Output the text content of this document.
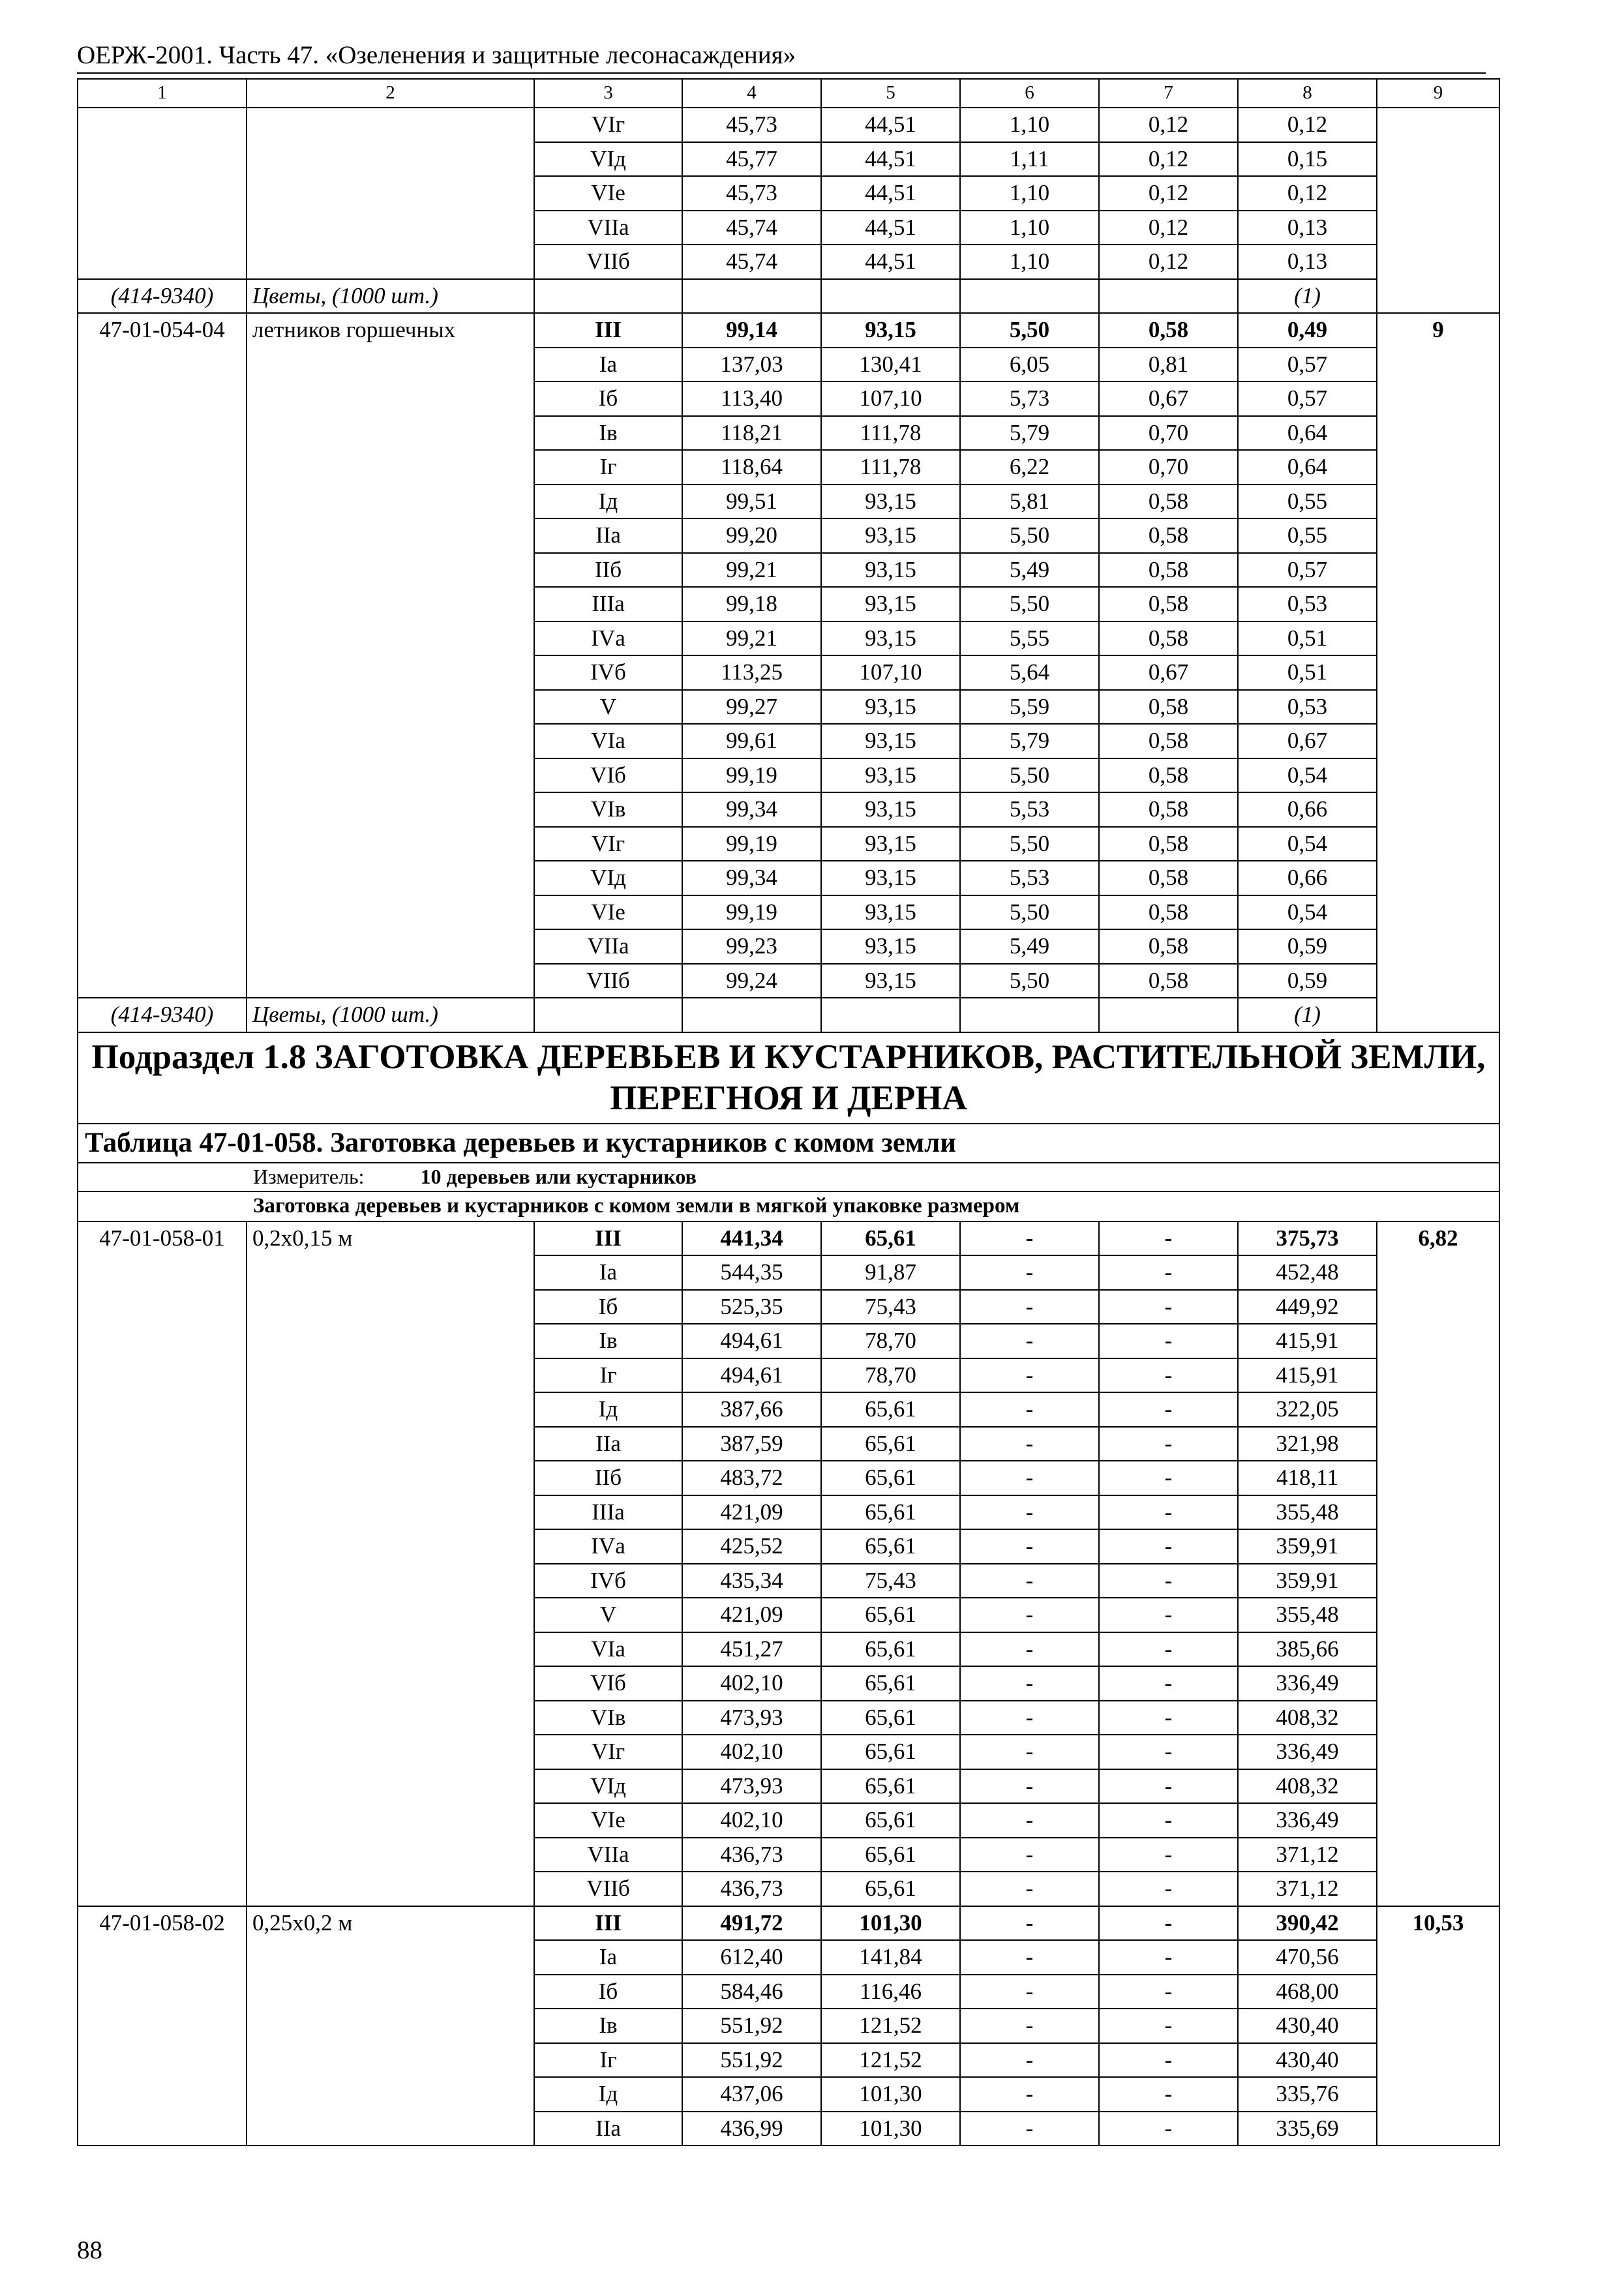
ОЕРЖ-2001. Часть 47. «Озеленения и защитные лесонасаждения»
1	2	3	4	5	6	7	8	9
		VIг	45,73	44,51	1,10	0,12	0,12	
		VIд	45,77	44,51	1,11	0,12	0,15	
		VIе	45,73	44,51	1,10	0,12	0,12	
		VIIа	45,74	44,51	1,10	0,12	0,13	
		VIIб	45,74	44,51	1,10	0,12	0,13	
(414-9340)	Цветы, (1000 шт.)						(1)	
47-01-054-04	летников горшечных	III	99,14	93,15	5,50	0,58	0,49	9
		Iа	137,03	130,41	6,05	0,81	0,57	
		Iб	113,40	107,10	5,73	0,67	0,57	
		Iв	118,21	111,78	5,79	0,70	0,64	
		Iг	118,64	111,78	6,22	0,70	0,64	
		Iд	99,51	93,15	5,81	0,58	0,55	
		IIа	99,20	93,15	5,50	0,58	0,55	
		IIб	99,21	93,15	5,49	0,58	0,57	
		IIIа	99,18	93,15	5,50	0,58	0,53	
		IVа	99,21	93,15	5,55	0,58	0,51	
		IVб	113,25	107,10	5,64	0,67	0,51	
		V	99,27	93,15	5,59	0,58	0,53	
		VIа	99,61	93,15	5,79	0,58	0,67	
		VIб	99,19	93,15	5,50	0,58	0,54	
		VIв	99,34	93,15	5,53	0,58	0,66	
		VIг	99,19	93,15	5,50	0,58	0,54	
		VIд	99,34	93,15	5,53	0,58	0,66	
		VIе	99,19	93,15	5,50	0,58	0,54	
		VIIа	99,23	93,15	5,49	0,58	0,59	
		VIIб	99,24	93,15	5,50	0,58	0,59	
(414-9340)	Цветы, (1000 шт.)						(1)	
Подраздел 1.8 ЗАГОТОВКА ДЕРЕВЬЕВ И КУСТАРНИКОВ, РАСТИТЕЛЬНОЙ ЗЕМЛИ, ПЕРЕГНОЯ И ДЕРНА								
Таблица 47-01-058. Заготовка деревьев и кустарников с комом земли								
Измеритель: 10 деревьев или кустарников								
Заготовка деревьев и кустарников с комом земли в мягкой упаковке размером								
47-01-058-01	0,2х0,15 м	III	441,34	65,61	-	-	375,73	6,82
		Iа	544,35	91,87	-	-	452,48	
		Iб	525,35	75,43	-	-	449,92	
		Iв	494,61	78,70	-	-	415,91	
		Iг	494,61	78,70	-	-	415,91	
		Iд	387,66	65,61	-	-	322,05	
		IIа	387,59	65,61	-	-	321,98	
		IIб	483,72	65,61	-	-	418,11	
		IIIа	421,09	65,61	-	-	355,48	
		IVа	425,52	65,61	-	-	359,91	
		IVб	435,34	75,43	-	-	359,91	
		V	421,09	65,61	-	-	355,48	
		VIа	451,27	65,61	-	-	385,66	
		VIб	402,10	65,61	-	-	336,49	
		VIв	473,93	65,61	-	-	408,32	
		VIг	402,10	65,61	-	-	336,49	
		VIд	473,93	65,61	-	-	408,32	
		VIе	402,10	65,61	-	-	336,49	
		VIIа	436,73	65,61	-	-	371,12	
		VIIб	436,73	65,61	-	-	371,12	
47-01-058-02	0,25х0,2 м	III	491,72	101,30	-	-	390,42	10,53
		Iа	612,40	141,84	-	-	470,56	
		Iб	584,46	116,46	-	-	468,00	
		Iв	551,92	121,52	-	-	430,40	
		Iг	551,92	121,52	-	-	430,40	
		Iд	437,06	101,30	-	-	335,76	
		IIа	436,99	101,30	-	-	335,69	
88
